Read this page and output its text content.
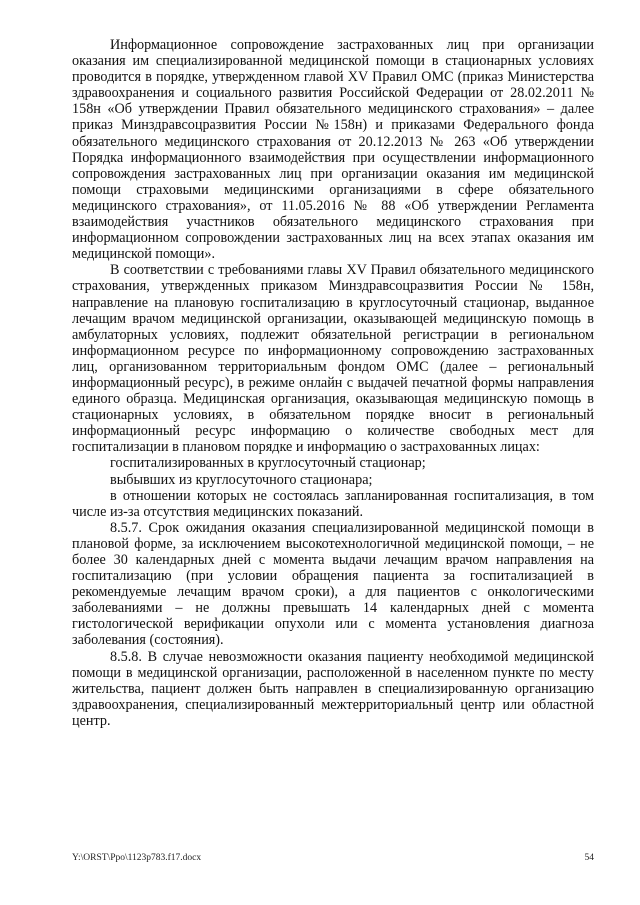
Информационное сопровождение застрахованных лиц при организации оказания им специализированной медицинской помощи в стационарных условиях проводится в порядке, утвержденном главой XV Правил ОМС (приказ Министерства здравоохранения и социального развития Российской Федерации от 28.02.2011 № 158н «Об утверждении Правил обязательного медицинского страхования» – далее приказ Минздравсоцразвития России №158н) и приказами Федерального фонда обязательного медицинского страхования от 20.12.2013 № 263 «Об утверждении Порядка информационного взаимодействия при осуществлении информационного сопровождения застрахованных лиц при организации оказания им медицинской помощи страховыми медицинскими организациями в сфере обязательного медицинского страхования», от 11.05.2016 № 88 «Об утверждении Регламента взаимодействия участников обязательного медицинского страхования при информационном сопровождении застрахованных лиц на всех этапах оказания им медицинской помощи».

В соответствии с требованиями главы XV Правил обязательного медицинского страхования, утвержденных приказом Минздравсоцразвития России № 158н, направление на плановую госпитализацию в круглосуточный стационар, выданное лечащим врачом медицинской организации, оказывающей медицинскую помощь в амбулаторных условиях, подлежит обязательной регистрации в региональном информационном ресурсе по информационному сопровождению застрахованных лиц, организованном территориальным фондом ОМС (далее – региональный информационный ресурс), в режиме онлайн с выдачей печатной формы направления единого образца. Медицинская организация, оказывающая медицинскую помощь в стационарных условиях, в обязательном порядке вносит в региональный информационный ресурс информацию о количестве свободных мест для госпитализации в плановом порядке и информацию о застрахованных лицах:

госпитализированных в круглосуточный стационар;

выбывших из круглосуточного стационара;

в отношении которых не состоялась запланированная госпитализация, в том числе из-за отсутствия медицинских показаний.

8.5.7. Срок ожидания оказания специализированной медицинской помощи в плановой форме, за исключением высокотехнологичной медицинской помощи, – не более 30 календарных дней с момента выдачи лечащим врачом направления на госпитализацию (при условии обращения пациента за госпитализацией в рекомендуемые лечащим врачом сроки), а для пациентов с онкологическими заболеваниями – не должны превышать 14 календарных дней с момента гистологической верификации опухоли или с момента установления диагноза заболевания (состояния).

8.5.8. В случае невозможности оказания пациенту необходимой медицинской помощи в медицинской организации, расположенной в населенном пункте по месту жительства, пациент должен быть направлен в специализированную организацию здравоохранения, специализированный межтерриториальный центр или областной центр.

Y:\ORST\Ppo\1123p783.f17.docx	54
